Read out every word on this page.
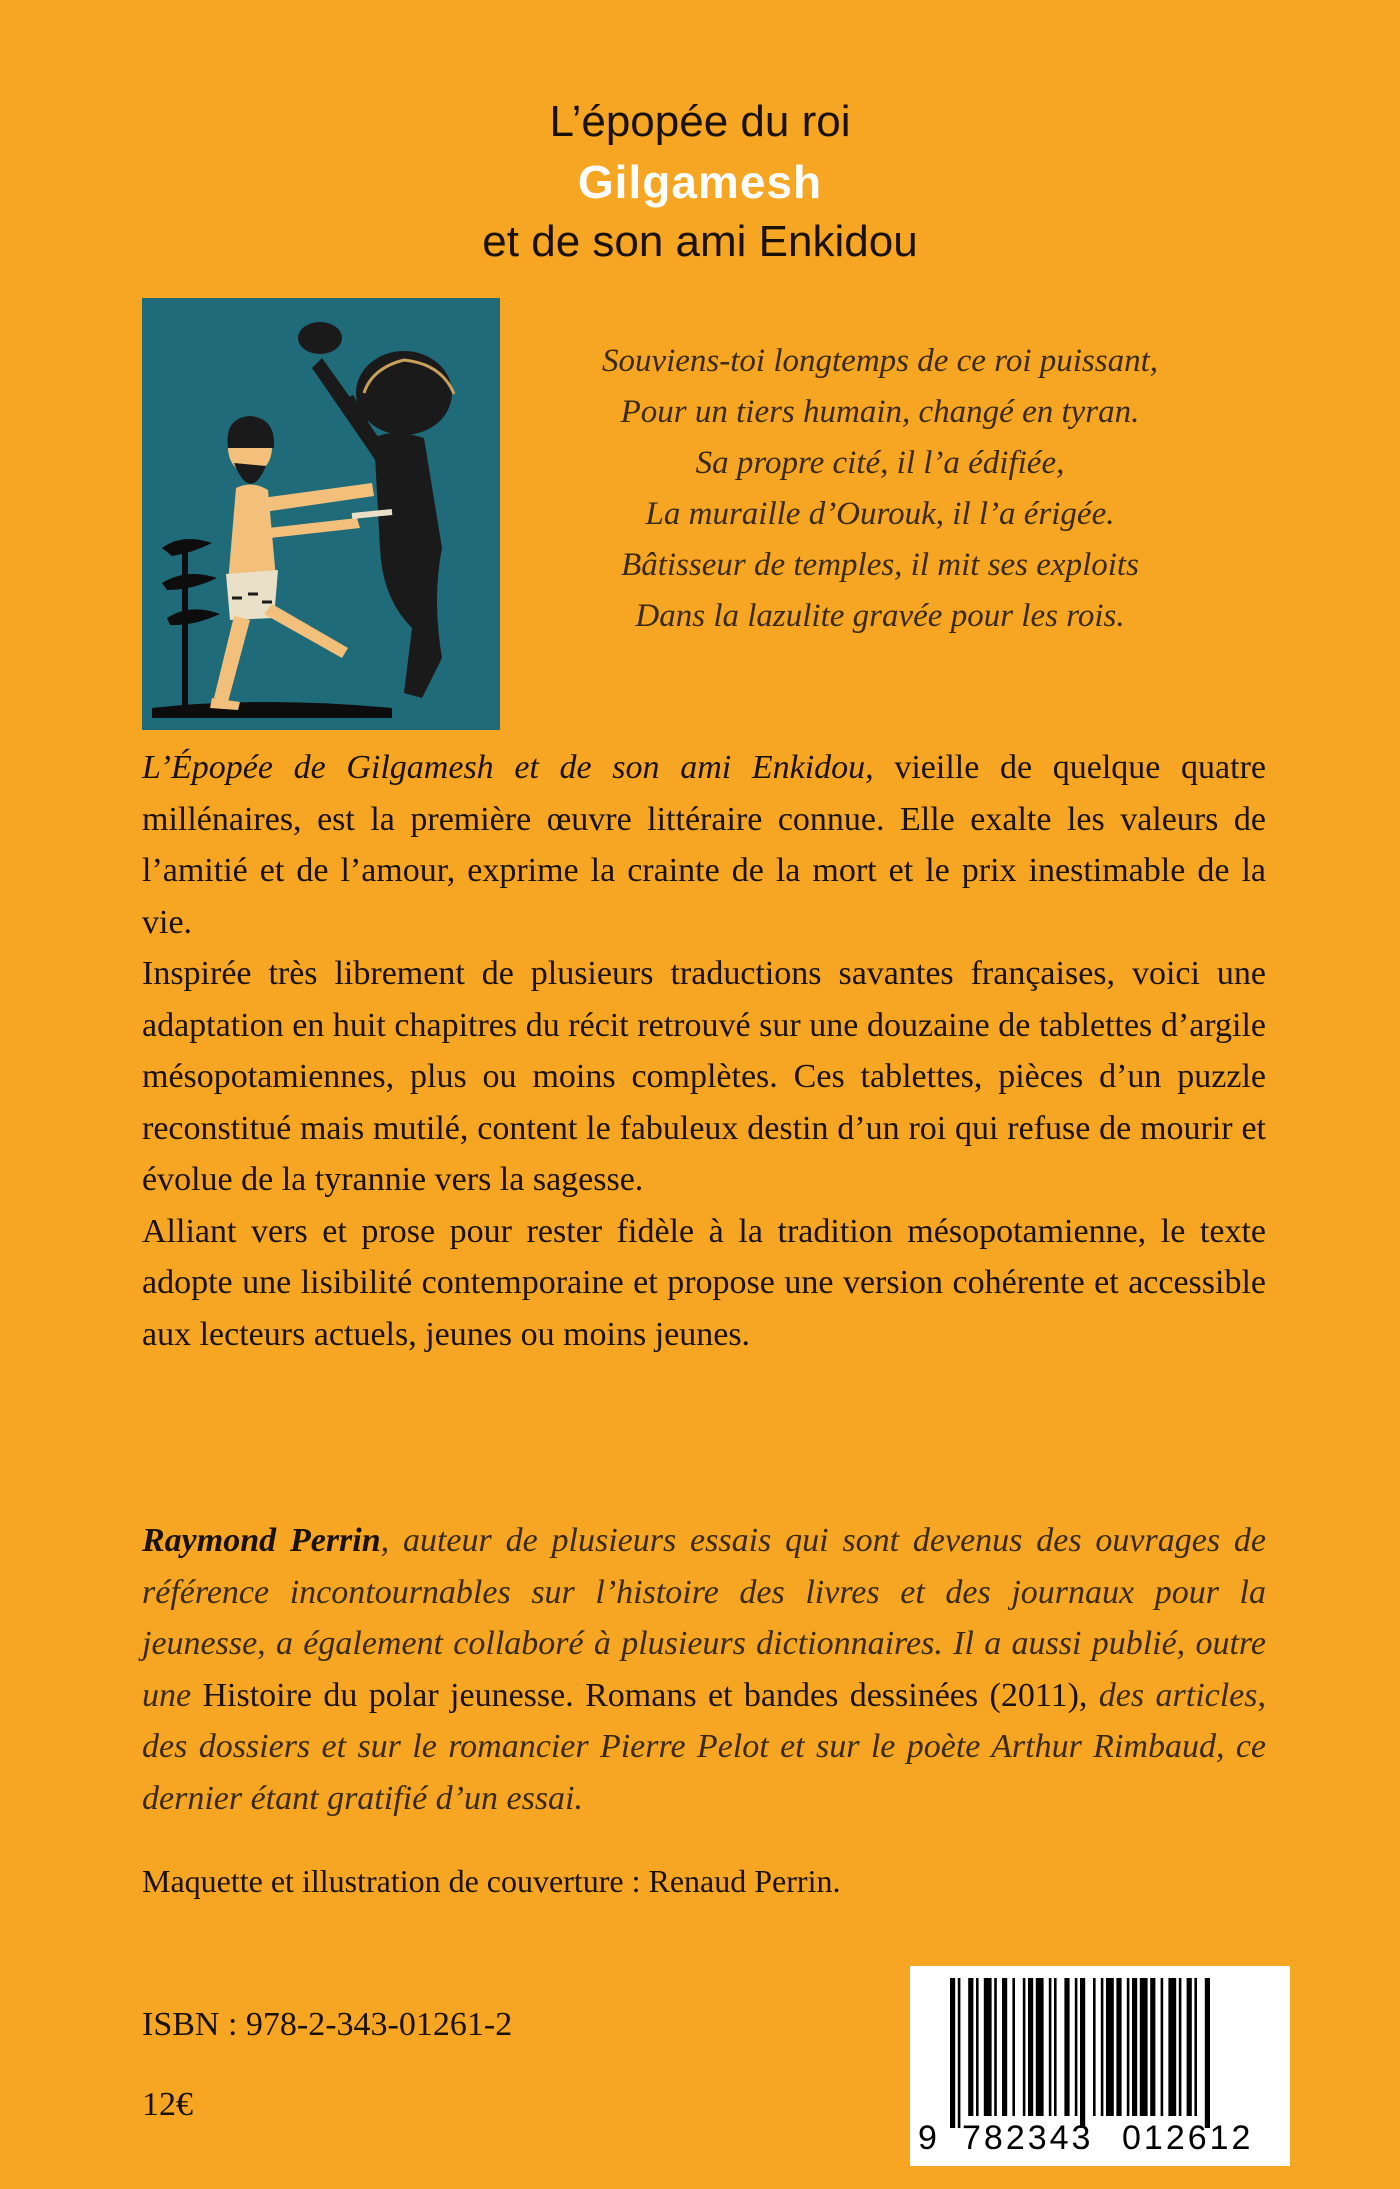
L’épopée du roi
Gilgamesh
et de son ami Enkidou
Souviens-toi longtemps de ce roi puissant,
Pour un tiers humain, changé en tyran.
Sa propre cité, il l’a édifiée,
La muraille d’Ourouk, il l’a érigée.
Bâtisseur de temples, il mit ses exploits
Dans la lazulite gravée pour les rois.

L’Épopée de Gilgamesh et de son ami Enkidou, vieille de quelque quatre millénaires, est la première œuvre littéraire connue. Elle exalte les valeurs de l’amitié et de l’amour, exprime la crainte de la mort et le prix inestimable de la vie.

Inspirée très librement de plusieurs traductions savantes françaises, voici une adaptation en huit chapitres du récit retrouvé sur une douzaine de tablettes d’argile mésopotamiennes, plus ou moins complètes. Ces tablettes, pièces d’un puzzle reconstitué mais mutilé, content le fabuleux destin d’un roi qui refuse de mourir et évolue de la tyrannie vers la sagesse.

Alliant vers et prose pour rester fidèle à la tradition mésopotamienne, le texte adopte une lisibilité contemporaine et propose une version cohérente et accessible aux lecteurs actuels, jeunes ou moins jeunes.

Raymond Perrin, auteur de plusieurs essais qui sont devenus des ouvrages de référence incontournables sur l’histoire des livres et des journaux pour la jeunesse, a également collaboré à plusieurs dictionnaires. Il a aussi publié, outre une Histoire du polar jeunesse. Romans et bandes dessinées (2011), des articles, des dossiers et sur le romancier Pierre Pelot et sur le poète Arthur Rimbaud, ce dernier étant gratifié d’un essai.
Maquette et illustration de couverture : Renaud Perrin.
ISBN : 978-2-343-01261-2
12€
9 782343 012612
